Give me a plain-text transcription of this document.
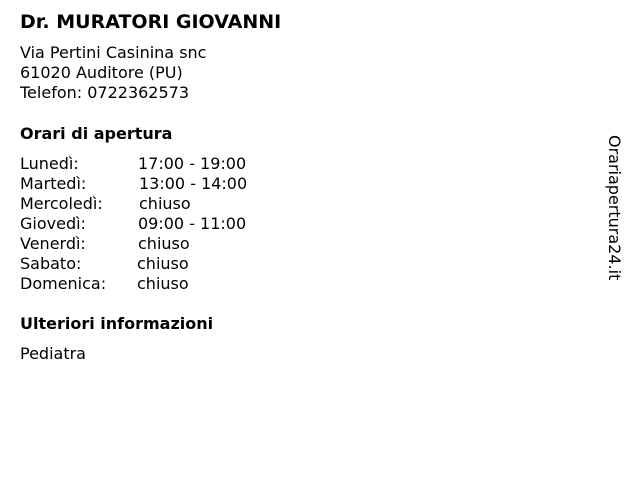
Dr. MURATORI GIOVANNI
Via Pertini Casinina snc
61020 Auditore (PU)
Telefon: 0722362573
Orari di apertura
Lunedì:	17:00 - 19:00
Martedì:	13:00 - 14:00
Mercoledì: chiuso
Giovedì:	09:00 - 11:00
Venerdì:	chiuso
Sabato:	chiuso
Domenica: chiuso
Ulteriori informazioni
Pediatra
Orariapertura24.it
